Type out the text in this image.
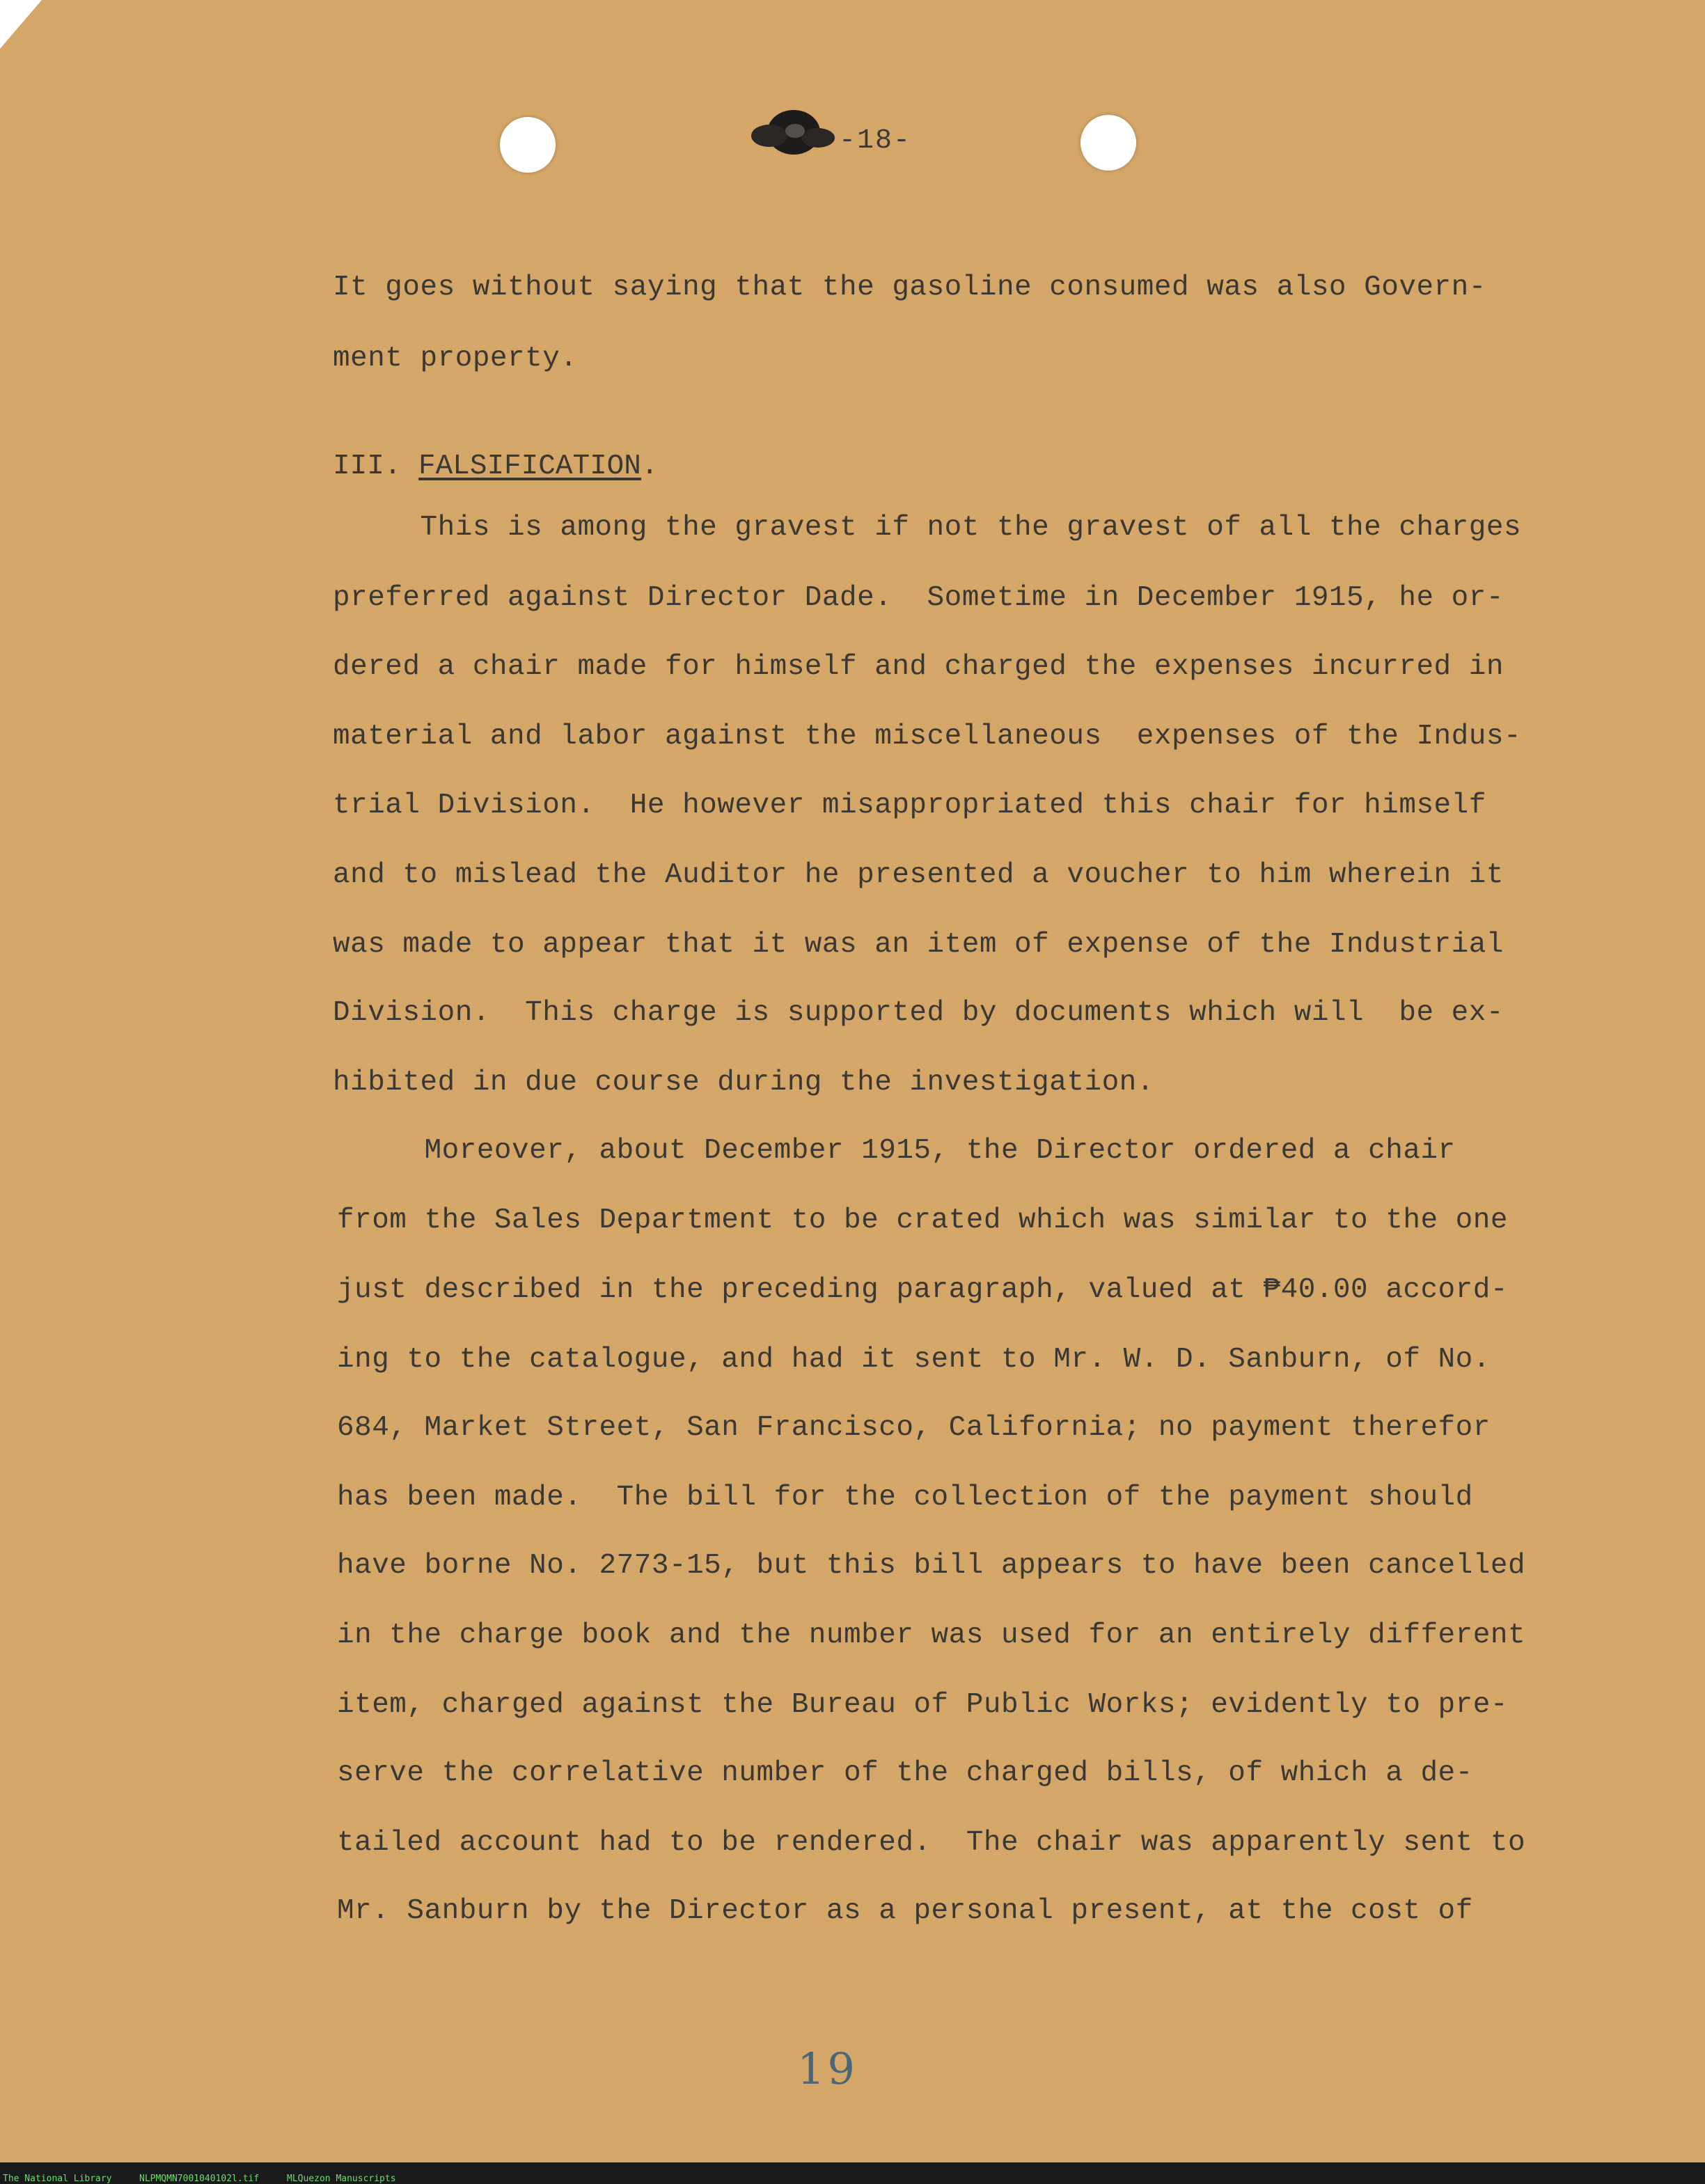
-18-
It goes without saying that the gasoline consumed was also Govern-
ment property.
III. FALSIFICATION.
This is among the gravest if not the gravest of all the charges
preferred against Director Dade.  Sometime in December 1915, he or-
dered a chair made for himself and charged the expenses incurred in
material and labor against the miscellaneous  expenses of the Indus-
trial Division.  He however misappropriated this chair for himself
and to mislead the Auditor he presented a voucher to him wherein it
was made to appear that it was an item of expense of the Industrial
Division.  This charge is supported by documents which will  be ex-
hibited in due course during the investigation.
Moreover, about December 1915, the Director ordered a chair
from the Sales Department to be crated which was similar to the one
just described in the preceding paragraph, valued at ₱40.00 accord-
ing to the catalogue, and had it sent to Mr. W. D. Sanburn, of No.
684, Market Street, San Francisco, California; no payment therefor
has been made.  The bill for the collection of the payment should
have borne No. 2773-15, but this bill appears to have been cancelled
in the charge book and the number was used for an entirely different
item, charged against the Bureau of Public Works; evidently to pre-
serve the correlative number of the charged bills, of which a de-
tailed account had to be rendered.  The chair was apparently sent to
Mr. Sanburn by the Director as a personal present, at the cost of
19
The National Library	NLPMQMN7001040102l.tif	MLQuezon Manuscripts
